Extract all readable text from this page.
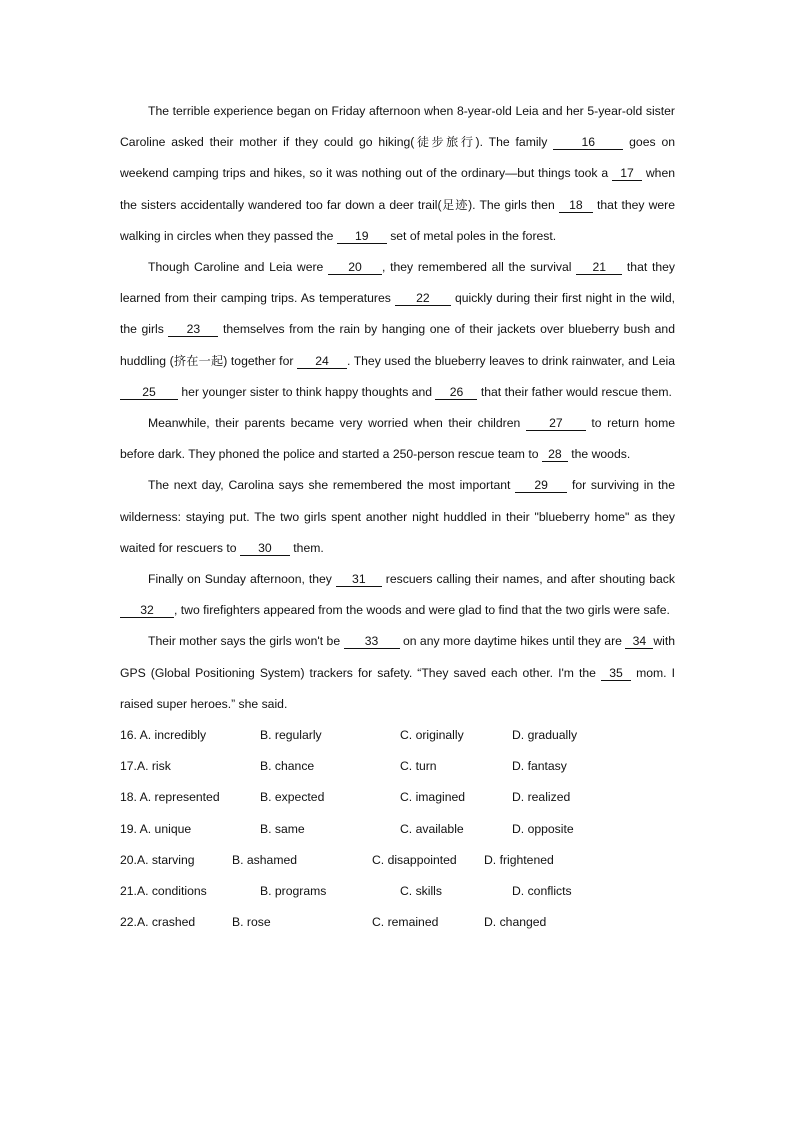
The terrible experience began on Friday afternoon when 8-year-old Leia and her 5-year-old sister Caroline asked their mother if they could go hiking(徒步旅行). The family	16	goes on weekend camping trips and hikes, so it was nothing out of the ordinary—but things took a 17 when the sisters accidentally wandered too far down a deer trail(足迹). The girls then 18 that they were walking in circles when they passed the 19 set of metal poles in the forest.

Though Caroline and Leia were 20 , they remembered all the survival 21 that they learned from their camping trips. As temperatures 22 quickly during their first night in the wild, the girls 23 themselves from the rain by hanging one of their jackets over blueberry bush and huddling (挤在一起) together for 24 . They used the blueberry leaves to drink rainwater, and Leia 25 her younger sister to think happy thoughts and 26 that their father would rescue them.

Meanwhile, their parents became very worried when their children 27 to return home before dark. They phoned the police and started a 250-person rescue team to 28 the woods.

The next day, Carolina says she remembered the most important 29 for surviving in the wilderness: staying put. The two girls spent another night huddled in their "blueberry home" as they waited for rescuers to 30 them.

Finally on Sunday afternoon, they 31 rescuers calling their names, and after shouting back 32 , two firefighters appeared from the woods and were glad to find that the two girls were safe.

Their mother says the girls won't be 33 on any more daytime hikes until they are 34 with GPS (Global Positioning System) trackers for safety. “They saved each other. I'm the 35 mom. I raised super heroes.” she said.

16. A. incredibly	B. regularly	C. originally	D. gradually
17.A. risk	B. chance	C. turn	D. fantasy
18. A. represented	B. expected	C. imagined	D. realized
19. A. unique	B. same	C. available	D. opposite
20.A. starving	B. ashamed	C. disappointed D. frightened
21.A. conditions	B. programs	C. skills	D. conflicts
22.A. crashed	B. rose	C. remained	D. changed
